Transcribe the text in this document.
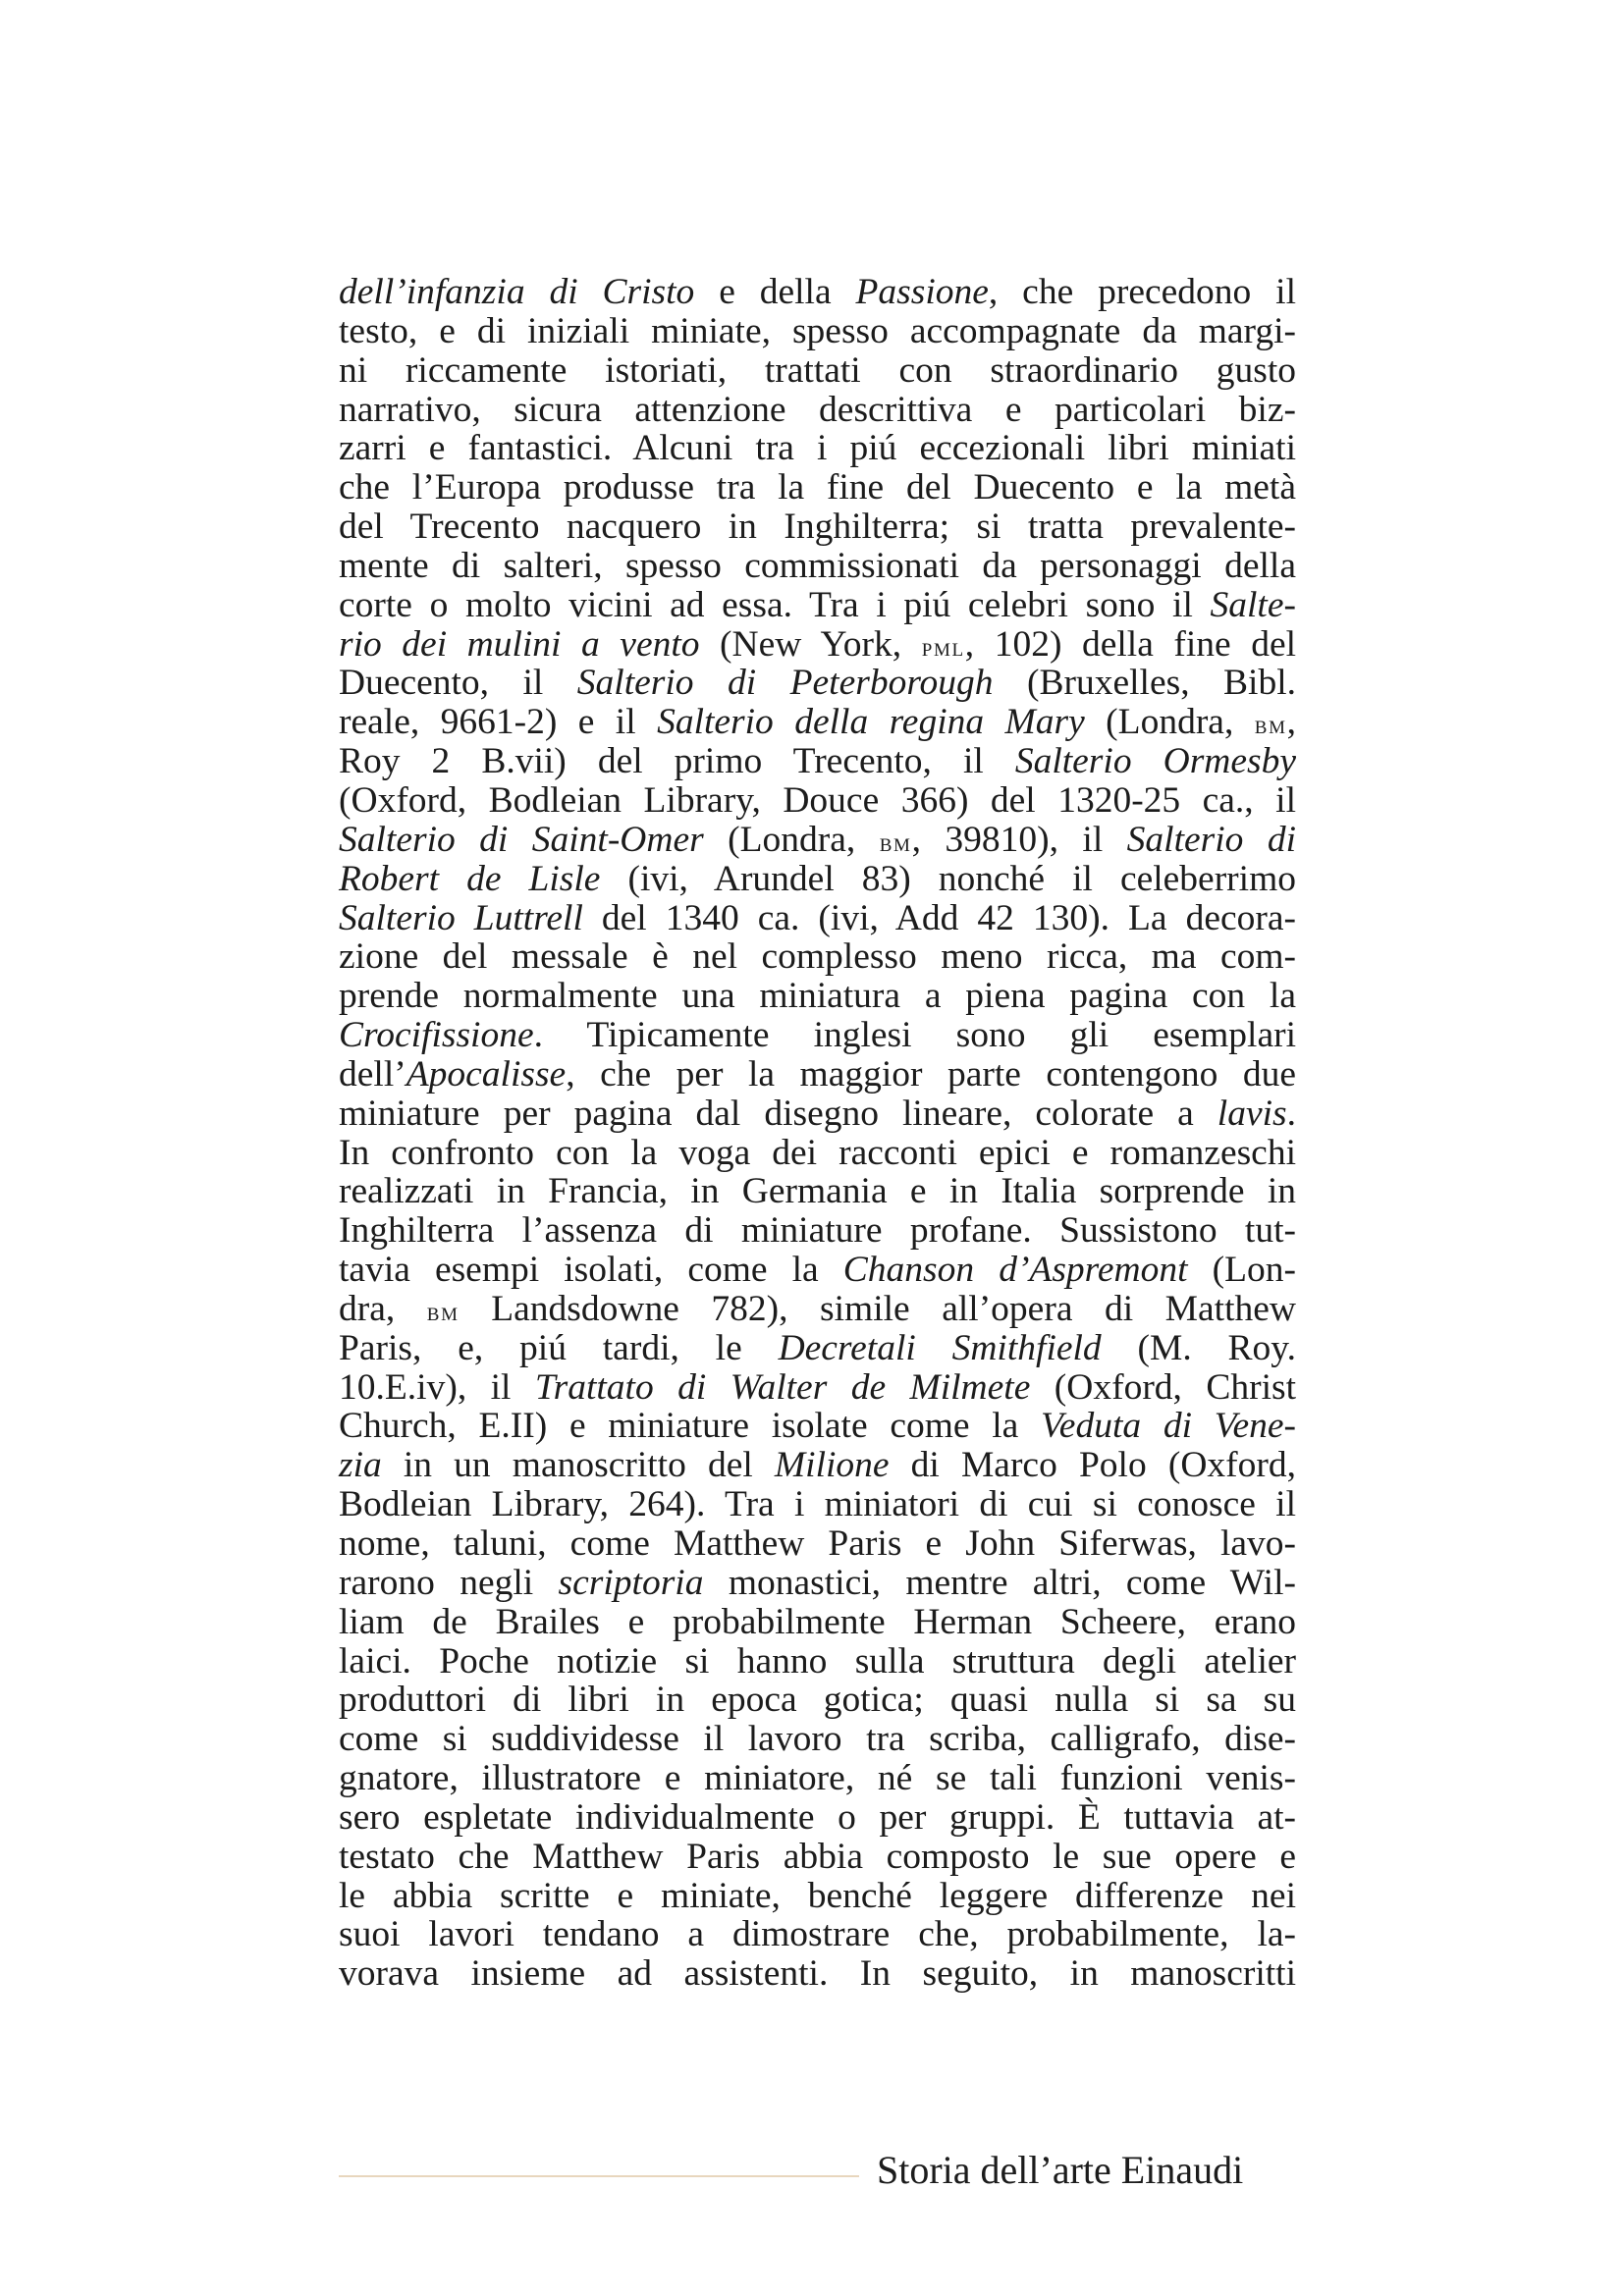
dell’infanzia di Cristo e della Passione, che precedono il
testo, e di iniziali miniate, spesso accompagnate da margi-
ni riccamente istoriati, trattati con straordinario gusto
narrativo, sicura attenzione descrittiva e particolari biz-
zarri e fantastici. Alcuni tra i piú eccezionali libri miniati
che l’Europa produsse tra la fine del Duecento e la metà
del Trecento nacquero in Inghilterra; si tratta prevalente-
mente di salteri, spesso commissionati da personaggi della
corte o molto vicini ad essa. Tra i piú celebri sono il Salte-
rio dei mulini a vento (New York, pml, 102) della fine del
Duecento, il Salterio di Peterborough (Bruxelles, Bibl.
reale, 9661-2) e il Salterio della regina Mary (Londra, bm,
Roy 2 B.vii) del primo Trecento, il Salterio Ormesby
(Oxford, Bodleian Library, Douce 366) del 1320-25 ca., il
Salterio di Saint-Omer (Londra, bm, 39810), il Salterio di
Robert de Lisle (ivi, Arundel 83) nonché il celeberrimo
Salterio Luttrell del 1340 ca. (ivi, Add 42 130). La decora-
zione del messale è nel complesso meno ricca, ma com-
prende normalmente una miniatura a piena pagina con la
Crocifissione. Tipicamente inglesi sono gli esemplari
dell’Apocalisse, che per la maggior parte contengono due
miniature per pagina dal disegno lineare, colorate a lavis.
In confronto con la voga dei racconti epici e romanzeschi
realizzati in Francia, in Germania e in Italia sorprende in
Inghilterra l’assenza di miniature profane. Sussistono tut-
tavia esempi isolati, come la Chanson d’Aspremont (Lon-
dra, bm Landsdowne 782), simile all’opera di Matthew
Paris, e, piú tardi, le Decretali Smithfield (M. Roy.
10.E.iv), il Trattato di Walter de Milmete (Oxford, Christ
Church, E.II) e miniature isolate come la Veduta di Vene-
zia in un manoscritto del Milione di Marco Polo (Oxford,
Bodleian Library, 264). Tra i miniatori di cui si conosce il
nome, taluni, come Matthew Paris e John Siferwas, lavo-
rarono negli scriptoria monastici, mentre altri, come Wil-
liam de Brailes e probabilmente Herman Scheere, erano
laici. Poche notizie si hanno sulla struttura degli atelier
produttori di libri in epoca gotica; quasi nulla si sa su
come si suddividesse il lavoro tra scriba, calligrafo, dise-
gnatore, illustratore e miniatore, né se tali funzioni venis-
sero espletate individualmente o per gruppi. È tuttavia at-
testato che Matthew Paris abbia composto le sue opere e
le abbia scritte e miniate, benché leggere differenze nei
suoi lavori tendano a dimostrare che, probabilmente, la-
vorava insieme ad assistenti. In seguito, in manoscritti
Storia dell’arte Einaudi
